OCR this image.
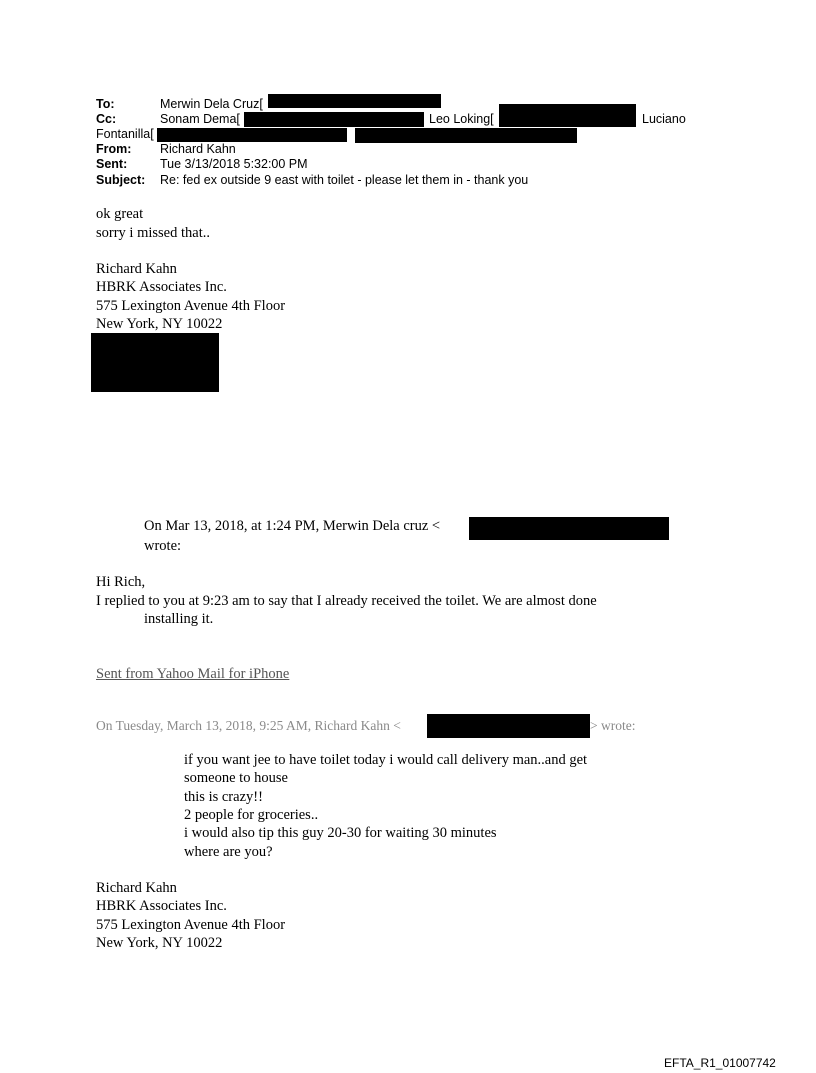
To:	Merwin Dela Cruz[
Cc:	Sonam Dema[	Leo Loking[	Luciano
Fontanilla[
From: Richard Kahn
Sent:	Tue 3/13/2018 5:32:00 PM
Subject: Re: fed ex outside 9 east with toilet - please let them in - thank you
ok great
sorry i missed that..
Richard Kahn
HBRK Associates Inc.
575 Lexington Avenue 4th Floor
New York, NY 10022
On Mar 13, 2018, at 1:24 PM, Merwin Dela cruz <
wrote:
Hi Rich,
I replied to you at 9:23 am to say that I already received the toilet. We are almost done
installing it.
Sent from Yahoo Mail for iPhone
On Tuesday, March 13, 2018, 9:25 AM, Richard Kahn <	> wrote:
if you want jee to have toilet today i would call delivery man..and get
someone to house
this is crazy!!
2 people for groceries..
i would also tip this guy 20-30 for waiting 30 minutes
where are you?
Richard Kahn
HBRK Associates Inc.
575 Lexington Avenue 4th Floor
New York, NY 10022
EFTA_R1_01007742
